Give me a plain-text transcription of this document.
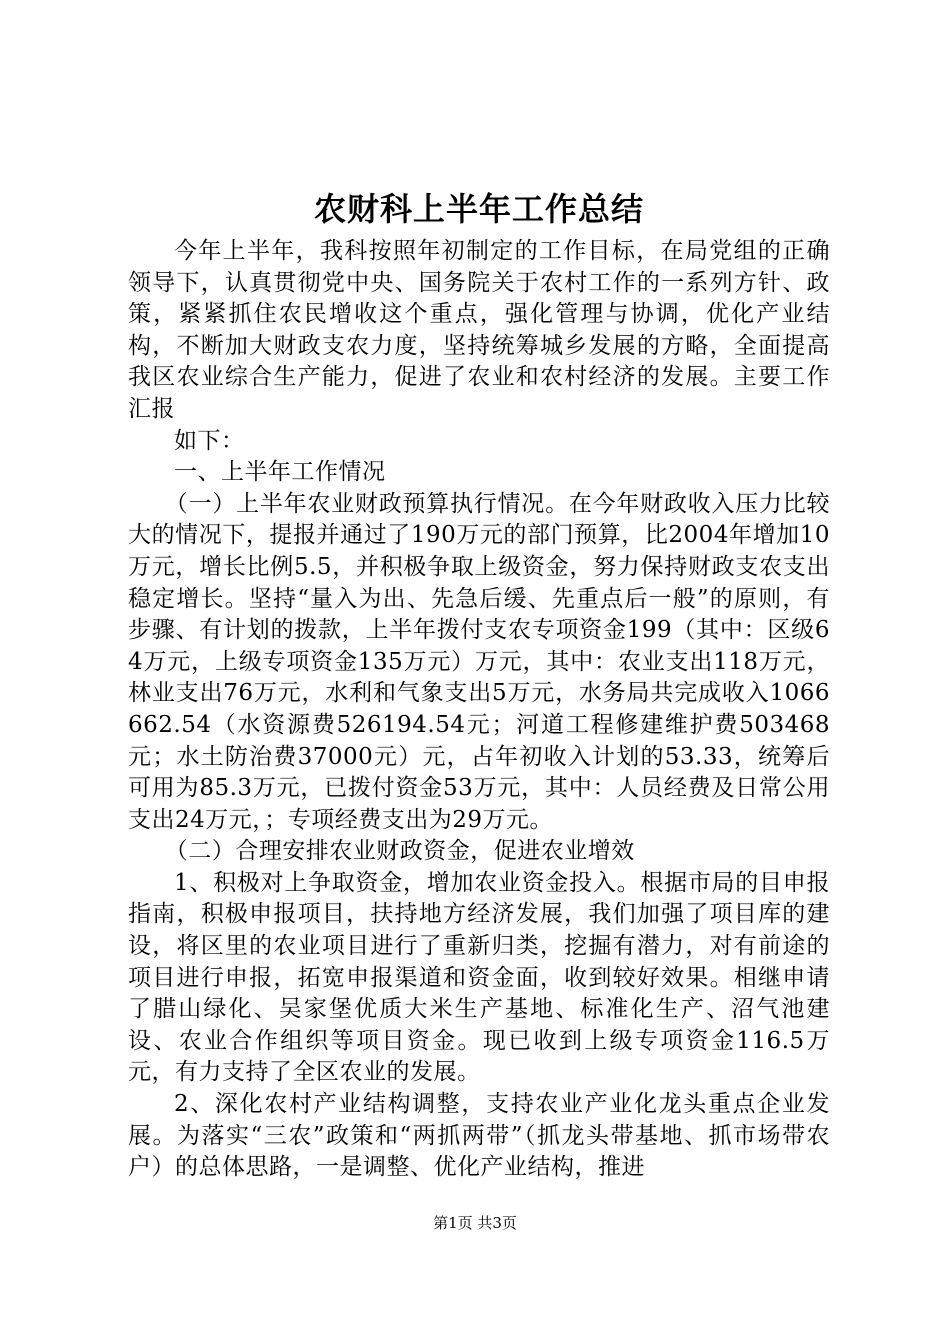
农财科上半年工作总结

今年上半年，我科按照年初制定的工作目标，在局党组的正确领导下，认真贯彻党中央、国务院关于农村工作的一系列方针、政策，紧紧抓住农民增收这个重点，强化管理与协调，优化产业结构，不断加大财政支农力度，坚持统筹城乡发展的方略，全面提高我区农业综合生产能力，促进了农业和农村经济的发展。主要工作汇报

如下：

一、上半年工作情况

（一）上半年农业财政预算执行情况。在今年财政收入压力比较大的情况下，提报并通过了190万元的部门预算，比2004年增加10万元，增长比例5.5，并积极争取上级资金，努力保持财政支农支出稳定增长。坚持“量入为出、先急后缓、先重点后一般”的原则，有步骤、有计划的拨款，上半年拨付支农专项资金199（其中：区级64万元，上级专项资金135万元）万元，其中：农业支出118万元，林业支出76万元，水利和气象支出5万元，水务局共完成收入1066662.54（水资源费526194.54元；河道工程修建维护费503468元；水土防治费37000元）元，占年初收入计划的53.33，统筹后可用为85.3万元，已拨付资金53万元，其中：人员经费及日常公用支出24万元，；专项经费支出为29万元。

（二）合理安排农业财政资金，促进农业增效

1、积极对上争取资金，增加农业资金投入。根据市局的目申报指南，积极申报项目，扶持地方经济发展，我们加强了项目库的建设，将区里的农业项目进行了重新归类，挖掘有潜力，对有前途的项目进行申报，拓宽申报渠道和资金面，收到较好效果。相继申请了腊山绿化、吴家堡优质大米生产基地、标准化生产、沼气池建设、农业合作组织等项目资金。现已收到上级专项资金116.5万元，有力支持了全区农业的发展。

2、深化农村产业结构调整，支持农业产业化龙头重点企业发展。为落实“三农”政策和“两抓两带”（抓龙头带基地、抓市场带农户）的总体思路，一是调整、优化产业结构，推进

第1页 共3页
